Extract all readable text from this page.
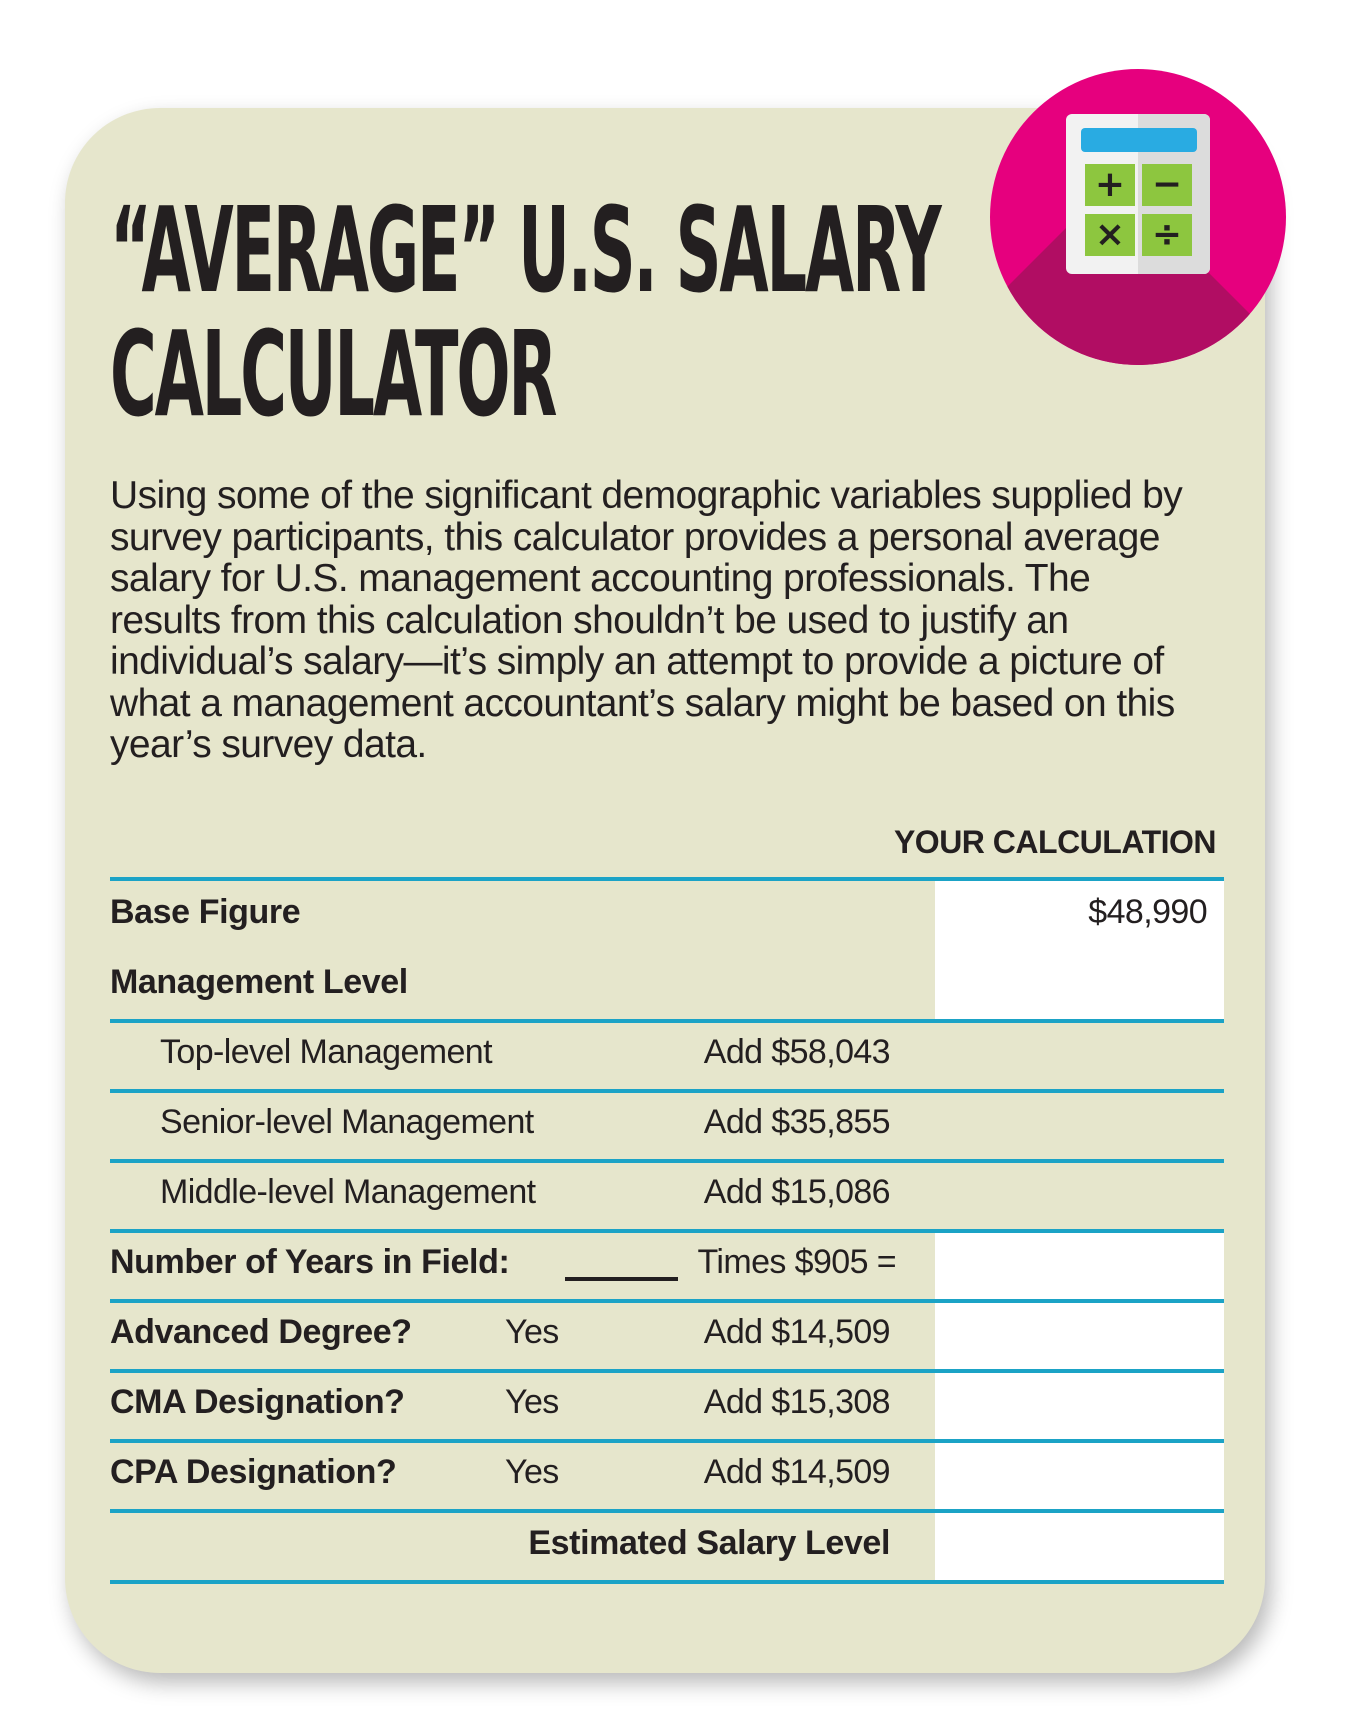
+ −
× ÷
“AVERAGE” U.S. SALARY
CALCULATOR

Using some of the significant demographic variables supplied by
survey participants, this calculator provides a personal average
salary for U.S. management accounting professionals. The
results from this calculation shouldn’t be used to justify an
individual’s salary—it’s simply an attempt to provide a picture of
what a management accountant’s salary might be based on this
year’s survey data.

YOUR CALCULATION
Base Figure	$48,990
Management Level
Top-level Management	Add $58,043
Senior-level Management	Add $35,855
Middle-level Management	Add $15,086
Number of Years in Field:	Times $905 =
Advanced Degree?	Yes	Add $14,509
CMA Designation?	Yes	Add $15,308
CPA Designation?	Yes	Add $14,509
Estimated Salary Level
